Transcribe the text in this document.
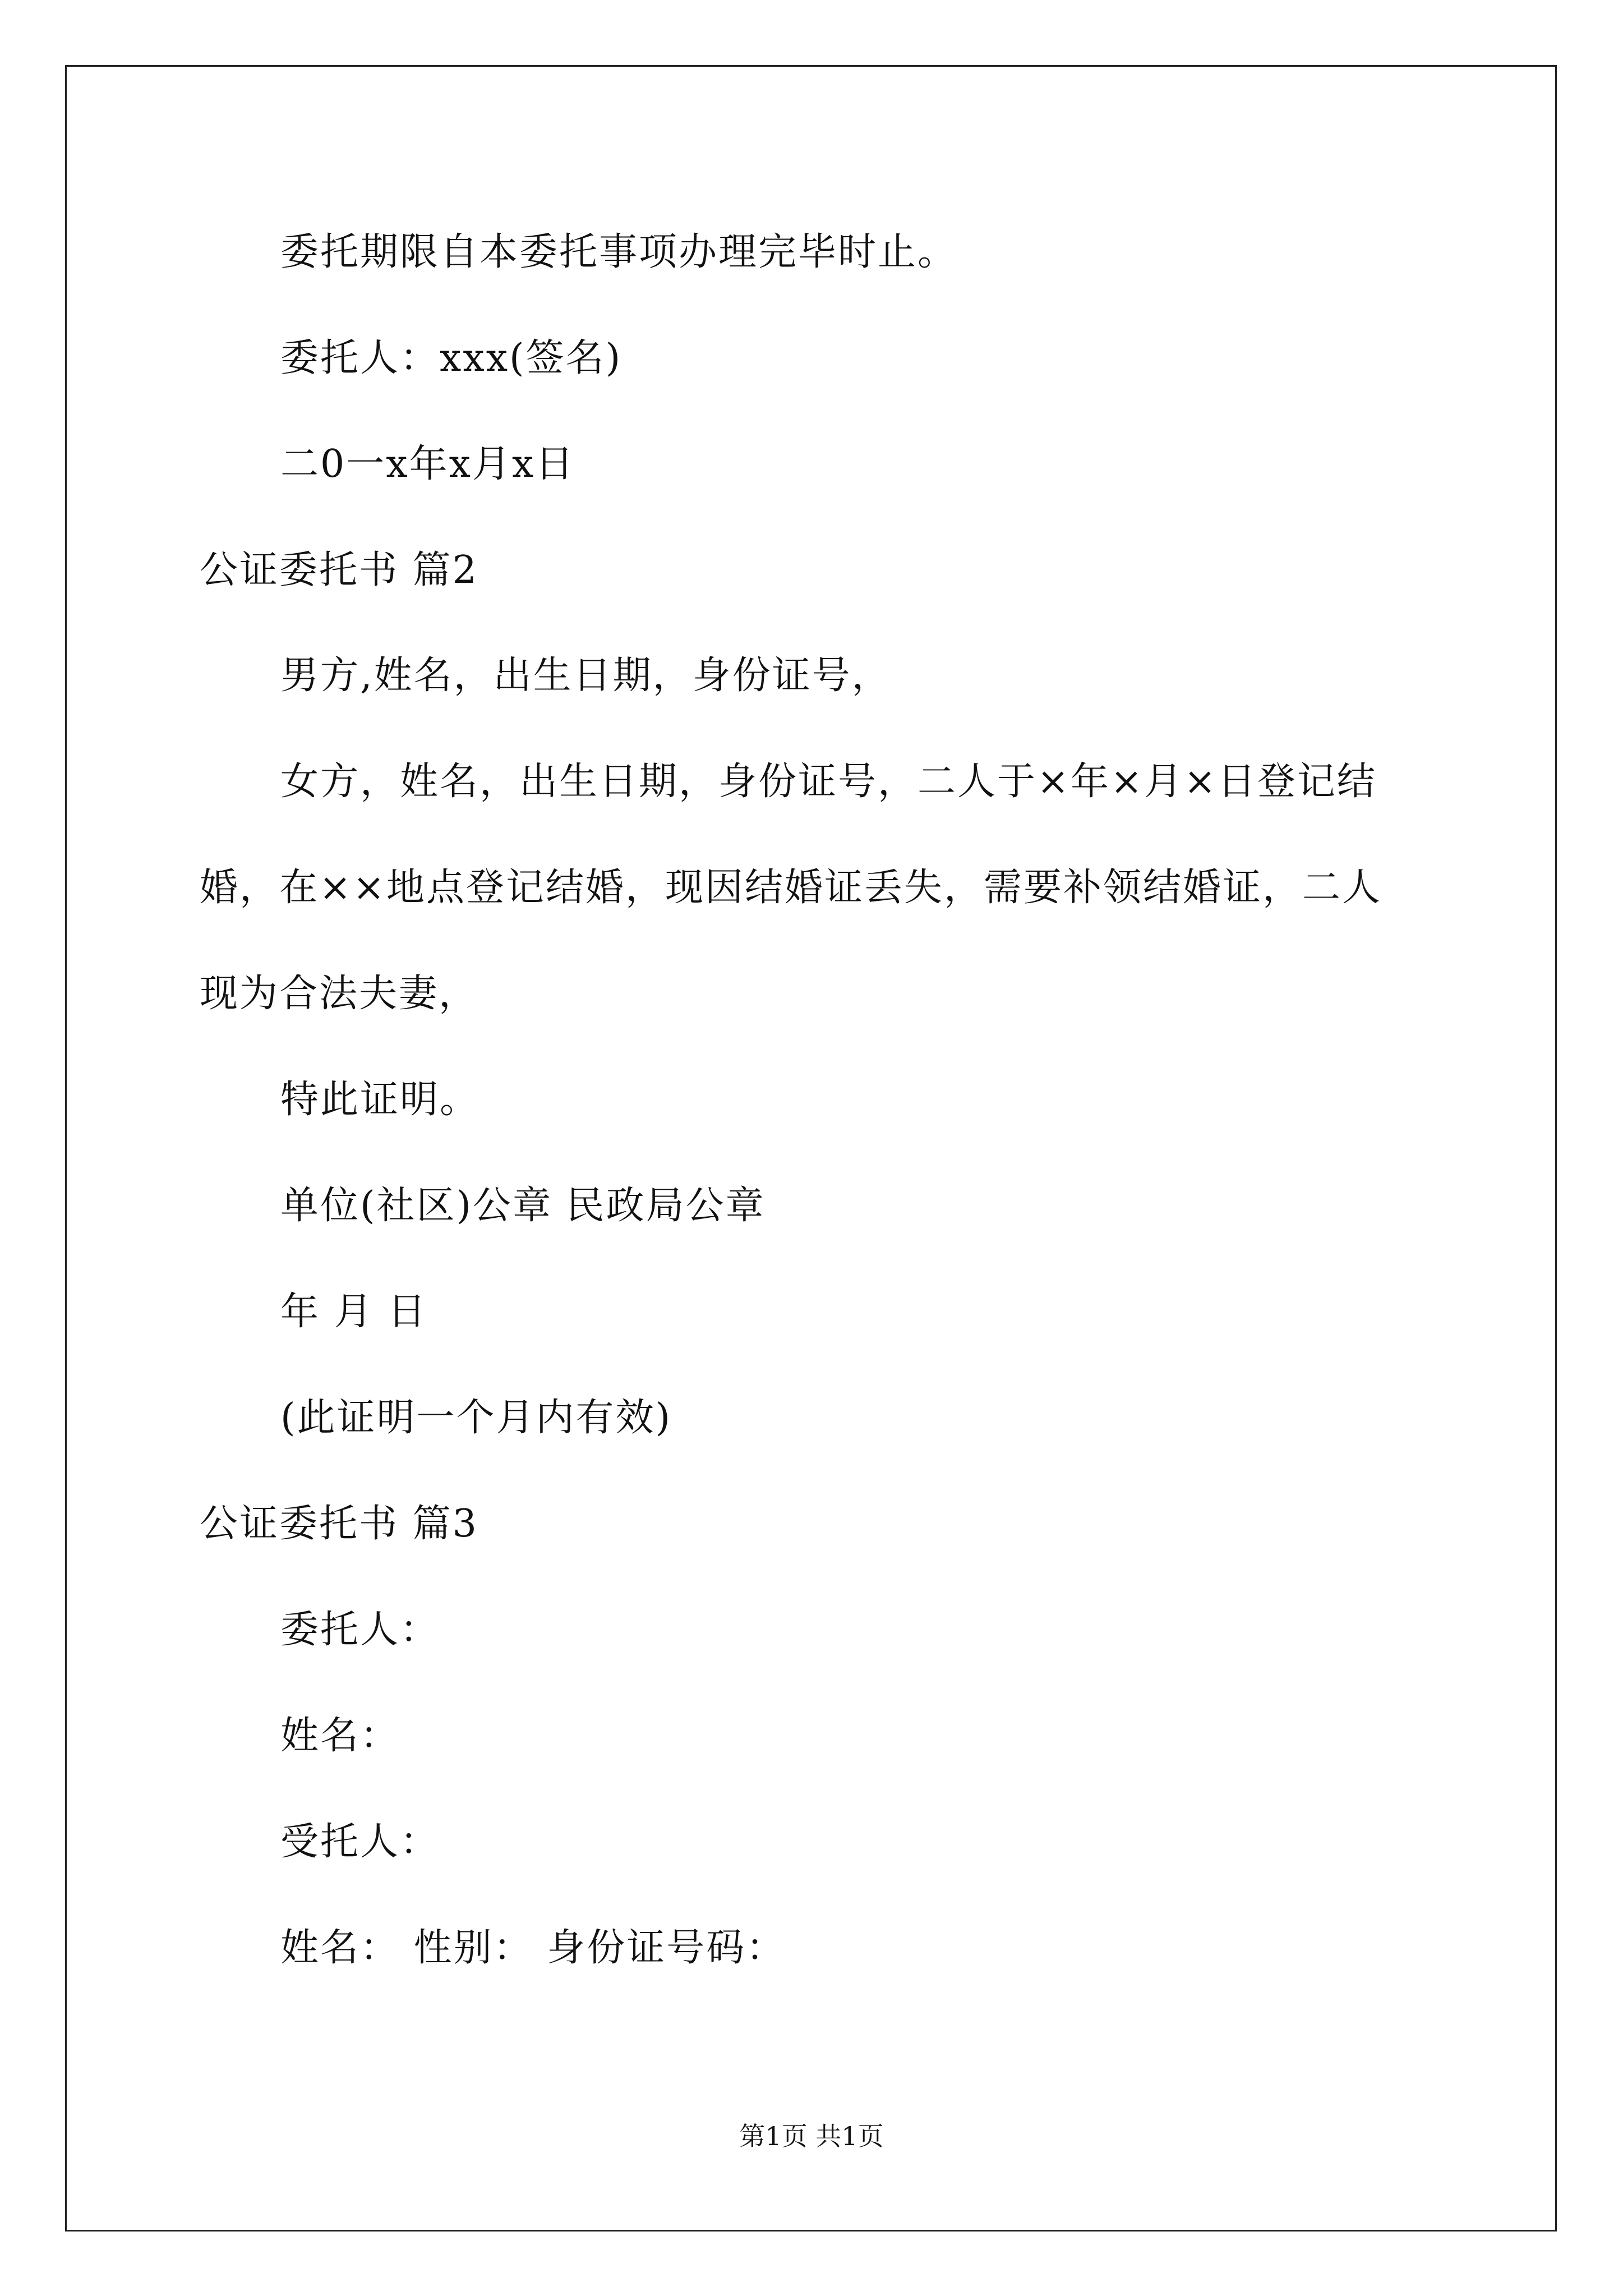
委托期限自本委托事项办理完毕时止。
委托人：xxx(签名)
二0一x年x月x日
公证委托书 篇2
男方,姓名，出生日期，身份证号，
女方，姓名，出生日期，身份证号，二人于×年×月×日登记结
婚，在××地点登记结婚，现因结婚证丢失，需要补领结婚证，二人
现为合法夫妻，
特此证明。
单位(社区)公章 民政局公章
年 月 日
(此证明一个月内有效)
公证委托书 篇3
委托人：
姓名：
受托人：
姓名： 性别： 身份证号码：
第1页 共1页
